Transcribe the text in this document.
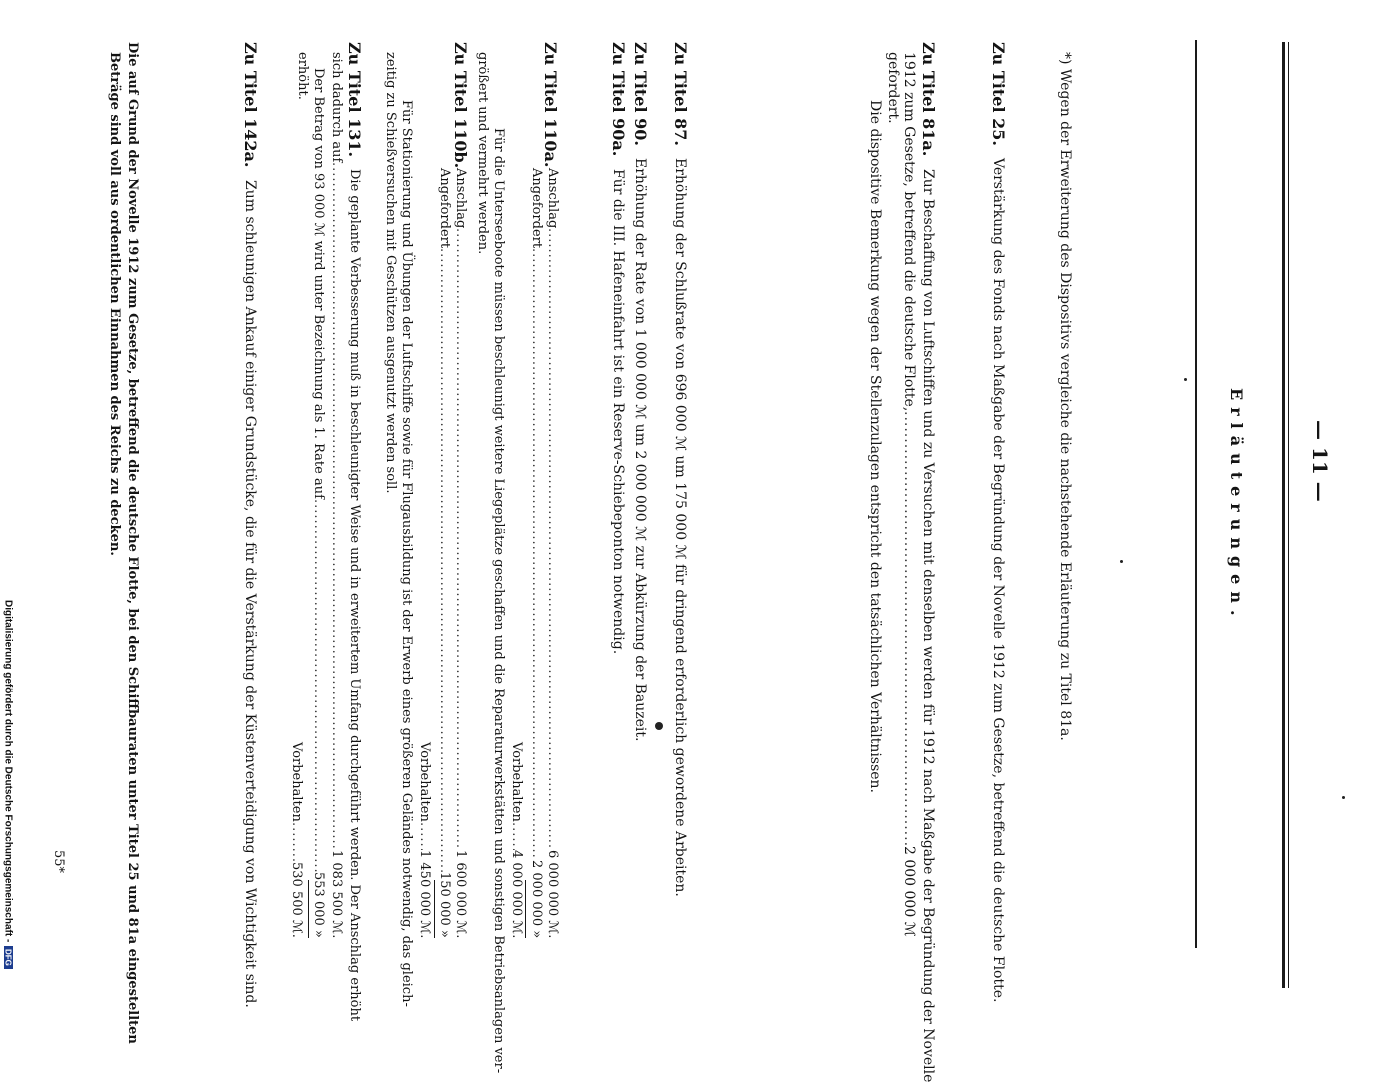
— 11 —
Erläuterungen.
*) Wegen der Erweiterung des Dispositivs vergleiche die nachstehende Erläuterung zu Titel 81a.
Zu Titel 25. Verstärkung des Fonds nach Maßgabe der Begründung der Novelle 1912 zum Gesetze, betreffend die deutsche Flotte.
Zu Titel 81a. Zur Beschaffung von Luftschiffen und zu Versuchen mit denselben werden für 1912 nach Maßgabe der Begründung der Novelle
1912 zum Gesetze, betreffend die deutsche Flotte,
.....
2 000 000 ℳ
gefordert.
Die dispositive Bemerkung wegen der Stellenzulagen entspricht den tatsächlichen Verhältnissen.
Zu Titel 87. Erhöhung der Schlußrate von 696 000 ℳ um 175 000 ℳ für dringend erforderlich gewordene Arbeiten.
Zu Titel 90. Erhöhung der Rate von 1 000 000 ℳ um 2 000 000 ℳ zur Abkürzung der Bauzeit.
Zu Titel 90a. Für die III. Hafeneinfahrt ist ein Reserve-Schiebeponton notwendig.
Zu Titel 110a.
Anschlag
.....
6 000 000 ℳ.
Angefordert
.....
2 000 000 »
Vorbehalten
.....
4 000 000 ℳ.
Für die Unterseeboote müssen beschleunigt weitere Liegeplätze geschaffen und die Reparaturwerkstätten und sonstigen Betriebsanlagen ver-
größert und vermehrt werden.
Zu Titel 110b.
Anschlag
.....
1 600 000 ℳ.
Angefordert
.....
150 000 »
Vorbehalten
.....
1 450 000 ℳ.
Für Stationierung und Übungen der Luftschiffe sowie für Flugausbildung ist der Erwerb eines größeren Geländes notwendig, das gleich-
zeitig zu Schießversuchen mit Geschützen ausgenutzt werden soll.
Zu Titel 131. Die geplante Verbesserung muß in beschleunigter Weise und in erweitertem Umfang durchgeführt werden. Der Anschlag erhöht
sich dadurch auf
.....
1 083 500 ℳ.
Der Betrag von 93 000 ℳ wird unter Bezeichnung als 1. Rate auf
.....
553 000 »
erhöht.
Vorbehalten
.....
530 500 ℳ.
Zu Titel 142a. Zum schleunigen Ankauf einiger Grundstücke, die für die Verstärkung der Küstenverteidigung von Wichtigkeit sind.
Die auf Grund der Novelle 1912 zum Gesetze, betreffend die deutsche Flotte, bei den Schiffbauraten unter Titel 25 und 81a eingestellten
Beträge sind voll aus ordentlichen Einnahmen des Reichs zu decken.
55*
Digitalisierung gefördert durch die Deutsche Forschungsgemeinschaft -
DFG
